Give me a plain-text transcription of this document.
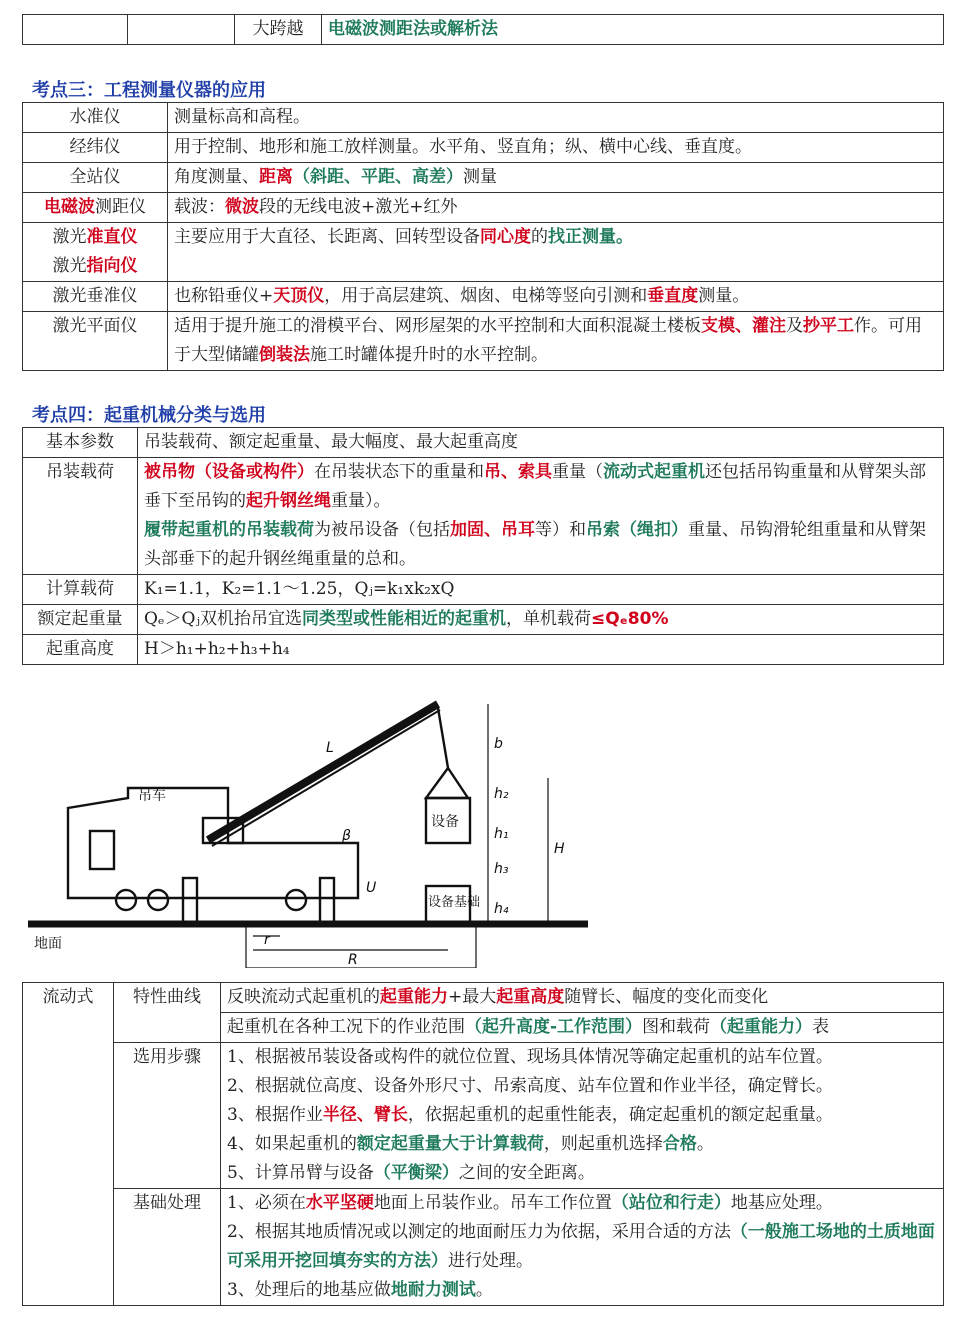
		大跨越	电磁波测距法或解析法
考点三：工程测量仪器的应用
水准仪	测量标高和高程。
经纬仪	用于控制、地形和施工放样测量。水平角、竖直角；纵、横中心线、垂直度。
全站仪	角度测量、距离（斜距、平距、高差）测量
电磁波测距仪	载波：微波段的无线电波+激光+红外
激光准直仪
激光指向仪	主要应用于大直径、长距离、回转型设备同心度的找正测量。
激光垂准仪	也称铅垂仪+天顶仪，用于高层建筑、烟囱、电梯等竖向引测和垂直度测量。
激光平面仪	适用于提升施工的滑模平台、网形屋架的水平控制和大面积混凝土楼板支模、灌注及抄平工作。可用于大型储罐倒装法施工时罐体提升时的水平控制。
考点四：起重机械分类与选用
基本参数	吊装载荷、额定起重量、最大幅度、最大起重高度
吊装载荷	被吊物（设备或构件）在吊装状态下的重量和吊、索具重量（流动式起重机还包括吊钩重量和从臂架头部垂下至吊钩的起升钢丝绳重量）。
履带起重机的吊装载荷为被吊设备（包括加固、吊耳等）和吊索（绳扣）重量、吊钩滑轮组重量和从臂架头部垂下的起升钢丝绳重量的总和。

计算载荷	K₁=1.1，K₂=1.1～1.25，Qⱼ=k₁xk₂xQ
额定起重量	Qₑ＞Qⱼ双机抬吊宜选同类型或性能相近的起重机，单机载荷≤Qₑ80%
起重高度	H＞h₁+h₂+h₃+h₄
吊车
设备
设备基础
地面
L
β
U
r
R
b
h₂
h₁
h₃
h₄
H
流动式	特性曲线	反映流动式起重机的起重能力+最大起重高度随臂长、幅度的变化而变化
		起重机在各种工况下的作业范围（起升高度-工作范围）图和载荷（起重能力）表
	选用步骤	1、根据被吊装设备或构件的就位位置、现场具体情况等确定起重机的站车位置。
		2、根据就位高度、设备外形尺寸、吊索高度、站车位置和作业半径，确定臂长。
		3、根据作业半径、臂长，依据起重机的起重性能表，确定起重机的额定起重量。
		4、如果起重机的额定起重量大于计算载荷，则起重机选择合格。
		5、计算吊臂与设备（平衡梁）之间的安全距离。
	基础处理	1、必须在水平坚硬地面上吊装作业。吊车工作位置（站位和行走）地基应处理。
		2、根据其地质情况或以测定的地面耐压力为依据，采用合适的方法（一般施工场地的土质地面可采用开挖回填夯实的方法）进行处理。
		3、处理后的地基应做地耐力测试。
